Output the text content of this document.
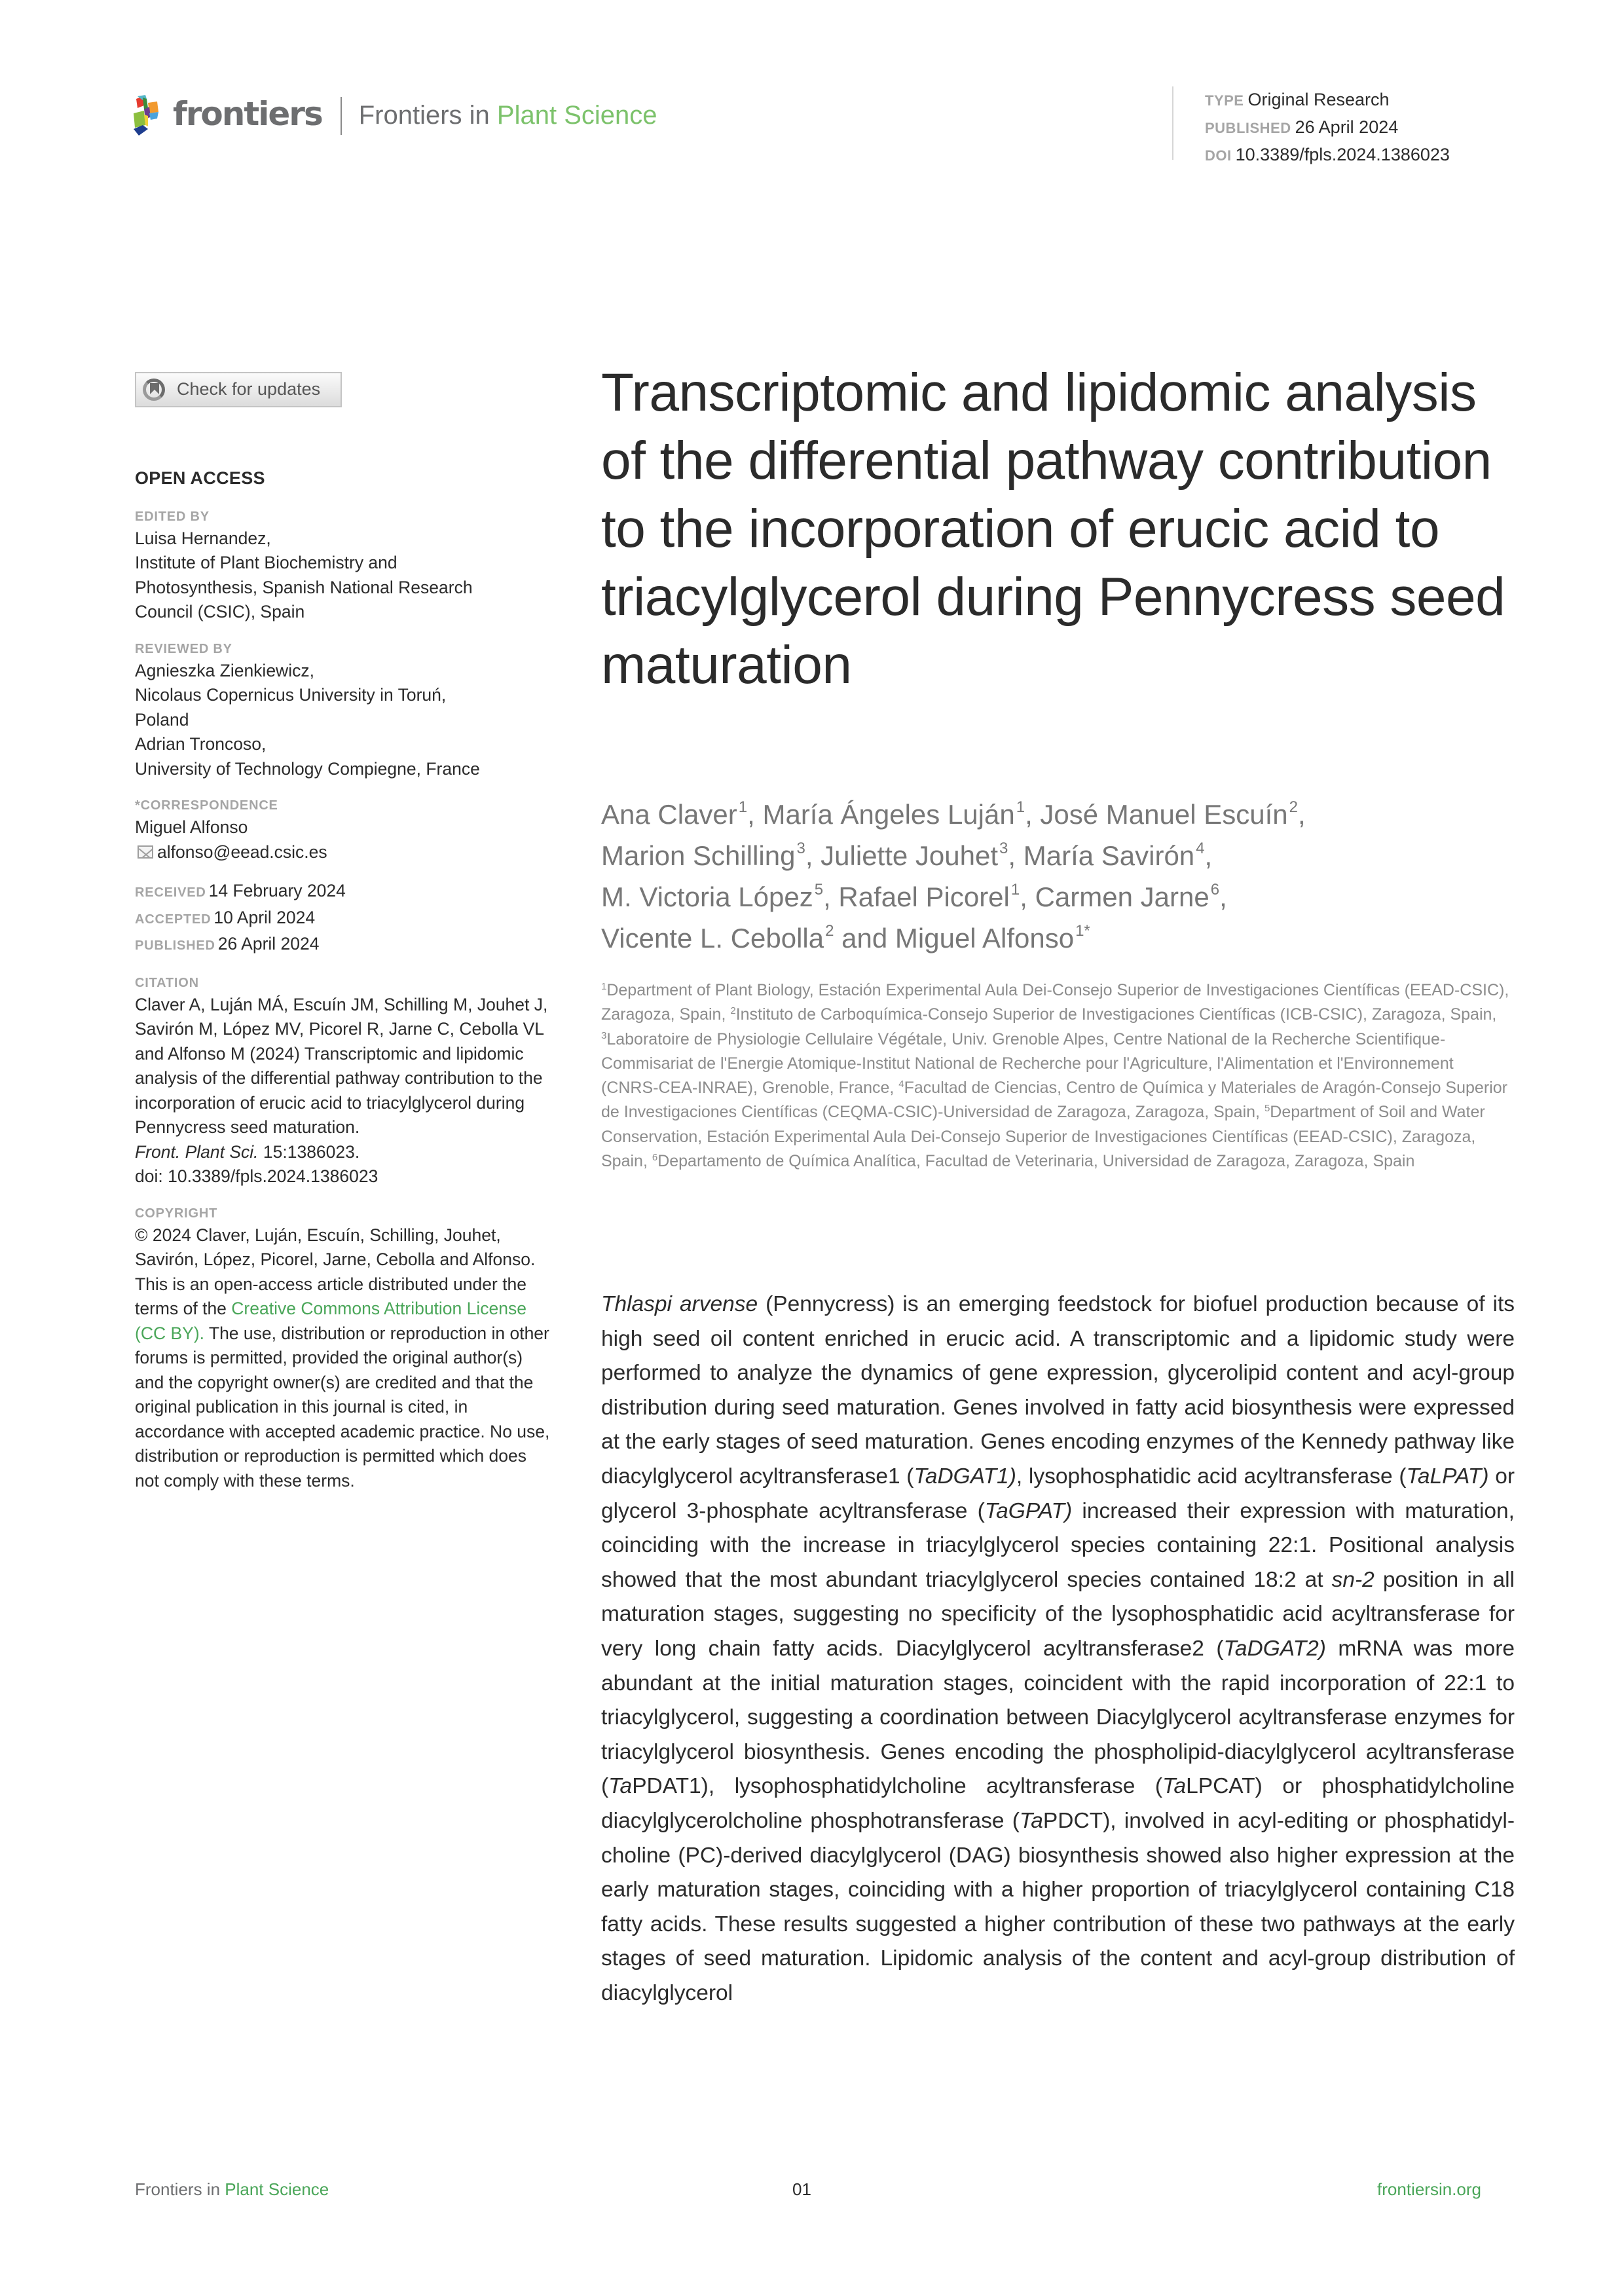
frontiers Frontiers in Plant Science	TYPE Original Research
PUBLISHED 26 April 2024
DOI 10.3389/fpls.2024.1386023
Check for updates
OPEN ACCESS
EDITED BY
Luisa Hernandez,
Institute of Plant Biochemistry and
Photosynthesis, Spanish National Research
Council (CSIC), Spain
REVIEWED BY
Agnieszka Zienkiewicz,
Nicolaus Copernicus University in Toruń,
Poland
Adrian Troncoso,
University of Technology Compiegne, France
*CORRESPONDENCE
Miguel Alfonso
alfonso@eead.csic.es
RECEIVED 14 February 2024
ACCEPTED 10 April 2024
PUBLISHED 26 April 2024
CITATION
Claver A, Luján MÁ, Escuín JM, Schilling M, Jouhet J, Savirón M, López MV, Picorel R, Jarne C, Cebolla VL and Alfonso M (2024) Transcriptomic and lipidomic analysis of the differential pathway contribution to the incorporation of erucic acid to triacylglycerol during Pennycress seed maturation.
Front. Plant Sci. 15:1386023.
doi: 10.3389/fpls.2024.1386023
COPYRIGHT
© 2024 Claver, Luján, Escuín, Schilling, Jouhet, Savirón, López, Picorel, Jarne, Cebolla and Alfonso. This is an open-access article distributed under the terms of the Creative Commons Attribution License (CC BY). The use, distribution or reproduction in other forums is permitted, provided the original author(s) and the copyright owner(s) are credited and that the original publication in this journal is cited, in accordance with accepted academic practice. No use, distribution or reproduction is permitted which does not comply with these terms.
Transcriptomic and lipidomic analysis of the differential pathway contribution to the incorporation of erucic acid to triacylglycerol during Pennycress seed maturation
Ana Claver$^1$, María Ángeles Luján$^1$, José Manuel Escuín$^2$,
Marion Schilling$^3$, Juliette Jouhet$^3$, María Savirón$^4$,
M. Victoria López$^5$, Rafael Picorel$^1$, Carmen Jarne$^6$,
Vicente L. Cebolla$^2$ and Miguel Alfonso$^{1*}$
$^1$Department of Plant Biology, Estación Experimental Aula Dei-Consejo Superior de Investigaciones Científicas (EEAD-CSIC), Zaragoza, Spain, $^2$Instituto de Carboquímica-Consejo Superior de Investigaciones Científicas (ICB-CSIC), Zaragoza, Spain, $^3$Laboratoire de Physiologie Cellulaire Végétale, Univ. Grenoble Alpes, Centre National de la Recherche Scientifique-Commisariat de l'Energie Atomique-Institut National de Recherche pour l'Agriculture, l'Alimentation et l'Environnement (CNRS-CEA-INRAE), Grenoble, France, $^4$Facultad de Ciencias, Centro de Química y Materiales de Aragón-Consejo Superior de Investigaciones Científicas (CEQMA-CSIC)-Universidad de Zaragoza, Zaragoza, Spain, $^5$Department of Soil and Water Conservation, Estación Experimental Aula Dei-Consejo Superior de Investigaciones Científicas (EEAD-CSIC), Zaragoza, Spain, $^6$Departamento de Química Analítica, Facultad de Veterinaria, Universidad de Zaragoza, Zaragoza, Spain
Thlaspi arvense (Pennycress) is an emerging feedstock for biofuel production because of its high seed oil content enriched in erucic acid. A transcriptomic and a lipidomic study were performed to analyze the dynamics of gene expression, glycerolipid content and acyl-group distribution during seed maturation. Genes involved in fatty acid biosynthesis were expressed at the early stages of seed maturation. Genes encoding enzymes of the Kennedy pathway like diacylglycerol acyltransferase1 (TaDGAT1), lysophosphatidic acid acyltransferase (TaLPAT) or glycerol 3-phosphate acyltransferase (TaGPAT) increased their expression with maturation, coinciding with the increase in triacylglycerol species containing 22:1. Positional analysis showed that the most abundant triacylglycerol species contained 18:2 at sn-2 position in all maturation stages, suggesting no specificity of the lysophosphatidic acid acyltransferase for very long chain fatty acids. Diacylglycerol acyltransferase2 (TaDGAT2) mRNA was more abundant at the initial maturation stages, coincident with the rapid incorporation of 22:1 to triacylglycerol, suggesting a coordination between Diacylglycerol acyltransferase enzymes for triacylglycerol biosynthesis. Genes encoding the phospholipid-diacylglycerol acyltransferase (TaPDAT1), lysophosphatidylcholine acyltransferase (TaLPCAT) or phosphatidylcholine diacylglycerolcholine phosphotransferase (TaPDCT), involved in acyl-editing or phosphatidyl-choline (PC)-derived diacylglycerol (DAG) biosynthesis showed also higher expression at the early maturation stages, coinciding with a higher proportion of triacylglycerol containing C18 fatty acids. These results suggested a higher contribution of these two pathways at the early stages of seed maturation. Lipidomic analysis of the content and acyl-group distribution of diacylglycerol
Frontiers in Plant Science	01	frontiersin.org
